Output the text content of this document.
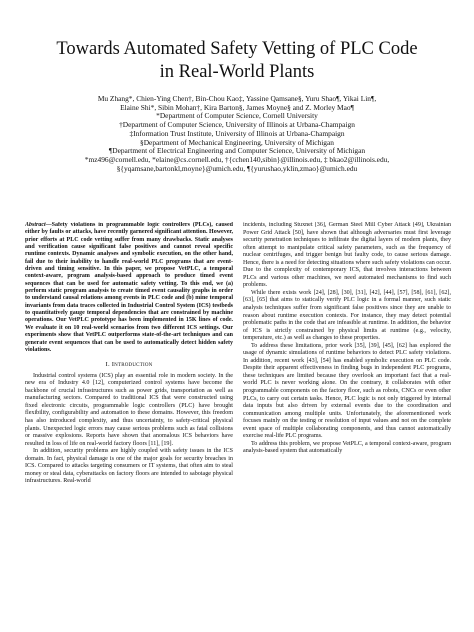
Towards Automated Safety Vetting of PLC Code
in Real-World Plants
Mu Zhang*, Chien-Ying Chen†, Bin-Chou Kao‡, Yassine Qamsane§, Yuru Shao¶, Yikai Lin¶,
Elaine Shi*, Sibin Mohan†, Kira Barton§, James Moyne§ and Z. Morley Mao¶
*Department of Computer Science, Cornell University
†Department of Computer Science, University of Illinois at Urbana-Champaign
‡Information Trust Institute, University of Illinois at Urbana-Champaign
§Department of Mechanical Engineering, University of Michigan
¶Department of Electrical Engineering and Computer Science, University of Michigan
*mz496@cornell.edu, *elaine@cs.cornell.edu, †{cchen140,sibin}@illinois.edu, ‡ bkao2@illinois.edu,
§{yqamsane,bartonkl,moyne}@umich.edu, ¶{yurushao,yklin,zmao}@umich.edu
Abstract—Safety violations in programmable logic controllers (PLCs), caused either by faults or attacks, have recently garnered significant attention. However, prior efforts at PLC code vetting suffer from many drawbacks. Static analyses and verification cause significant false positives and cannot reveal specific runtime contexts. Dynamic analyses and symbolic execution, on the other hand, fail due to their inability to handle real-world PLC programs that are event-driven and timing sensitive. In this paper, we propose VetPLC, a temporal context-aware, program analysis-based approach to produce timed event sequences that can be used for automatic safety vetting. To this end, we (a) perform static program analysis to create timed event causality graphs in order to understand causal relations among events in PLC code and (b) mine temporal invariants from data traces collected in Industrial Control System (ICS) testbeds to quantitatively gauge temporal dependencies that are constrained by machine operations. Our VetPLC prototype has been implemented in 15K lines of code. We evaluate it on 10 real-world scenarios from two different ICS settings. Our experiments show that VetPLC outperforms state-of-the-art techniques and can generate event sequences that can be used to automatically detect hidden safety violations.
I. Introduction

Industrial control systems (ICS) play an essential role in modern society. In the new era of Industry 4.0 [12], computerized control systems have become the backbone of crucial infrastructures such as power grids, transportation as well as manufacturing sectors. Compared to traditional ICS that were constructed using fixed electronic circuits, programmable logic controllers (PLC) have brought flexibility, configurability and automation to these domains. However, this freedom has also introduced complexity, and thus uncertainty, to safety-critical physical plants. Unexpected logic errors may cause serious problems such as fatal collisions or massive explosions. Reports have shown that anomalous ICS behaviors have resulted in loss of life on real-world factory floors [11], [19].

In addition, security problems are highly coupled with safety issues in the ICS domain. In fact, physical damage is one of the major goals for security breaches in ICS. Compared to attacks targeting consumers or IT systems, that often aim to steal money or steal data, cyberattacks on factory floors are intended to sabotage physical infrastructures. Real-world

incidents, including Stuxnet [36], German Steel Mill Cyber Attack [49], Ukrainian Power Grid Attack [50], have shown that although adversaries must first leverage security penetration techniques to infiltrate the digital layers of modern plants, they often attempt to manipulate critical safety parameters, such as the frequency of nuclear centrifuges, and trigger benign but faulty code, to cause serious damage. Hence, there is a need for detecting situations where such safety violations can occur. Due to the complexity of contemporary ICS, that involves interactions between PLCs and various other machines, we need automated mechanisms to find such problems.

While there exists work [24], [28], [30], [31], [42], [44], [57], [58], [61], [62], [63], [65] that aims to statically verify PLC logic in a formal manner, such static analysis techniques suffer from significant false positives since they are unable to reason about runtime execution contexts. For instance, they may detect potential problematic paths in the code that are infeasible at runtime. In addition, the behavior of ICS is strictly constrained by physical limits at runtime (e.g., velocity, temperature, etc.) as well as changes to these properties.

To address these limitations, prior work [35], [39], [45], [62] has explored the usage of dynamic simulations of runtime behaviors to detect PLC safety violations. In addition, recent work [43], [54] has enabled symbolic execution on PLC code. Despite their apparent effectiveness in finding bugs in independent PLC programs, these techniques are limited because they overlook an important fact that a real-world PLC is never working alone. On the contrary, it collaborates with other programmable components on the factory floor, such as robots, CNCs or even other PLCs, to carry out certain tasks. Hence, PLC logic is not only triggered by internal data inputs but also driven by external events due to the coordination and communication among multiple units. Unfortunately, the aforementioned work focuses mainly on the testing or resolution of input values and not on the complete event space of multiple collaborating components, and thus cannot automatically exercise real-life PLC programs.

To address this problem, we propose VetPLC, a temporal context-aware, program analysis-based system that automatically
